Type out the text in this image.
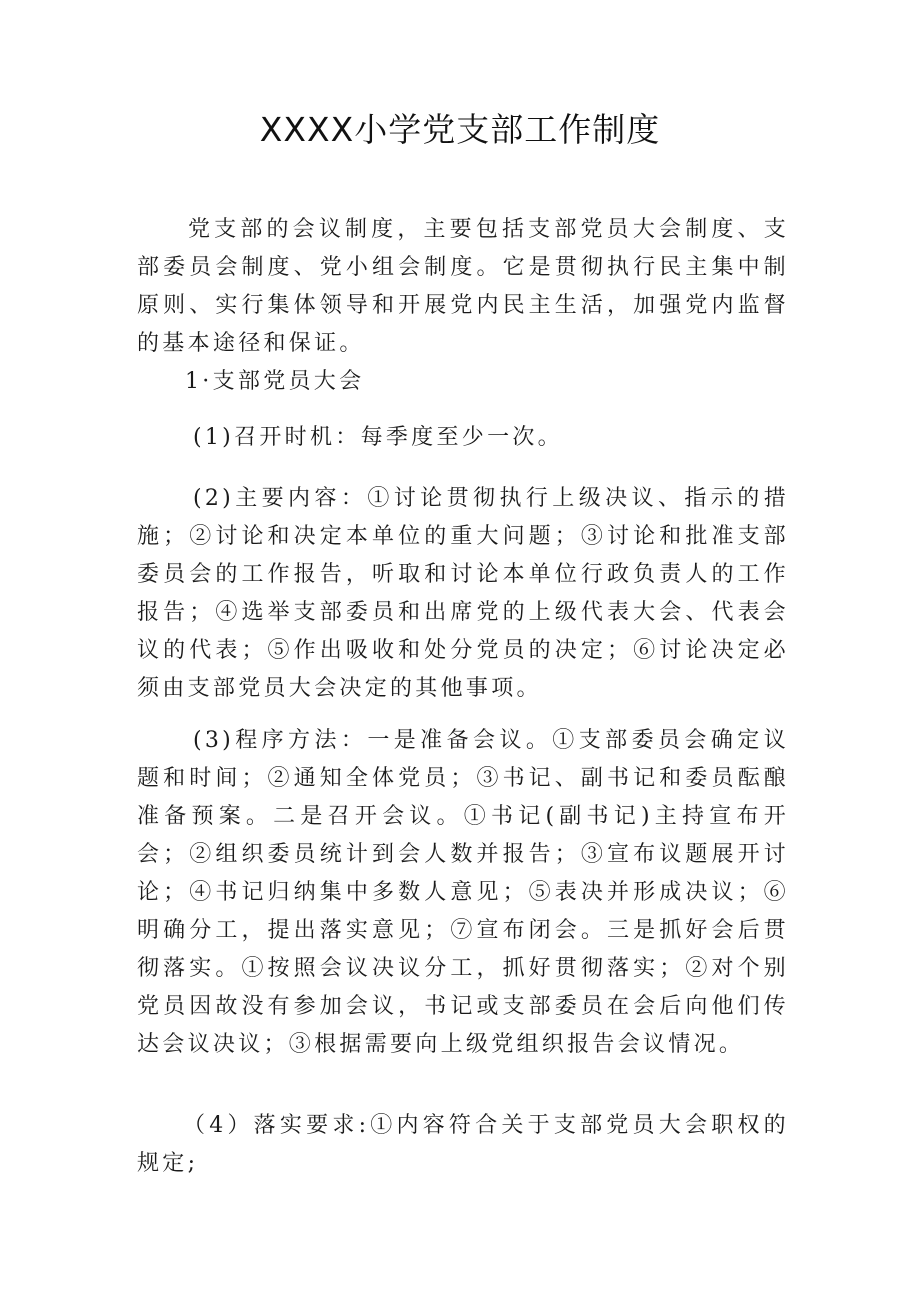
XXXX小学党支部工作制度

党支部的会议制度，主要包括支部党员大会制度、支部委员会制度、党小组会制度。它是贯彻执行民主集中制原则、实行集体领导和开展党内民主生活，加强党内监督的基本途径和保证。

1·支部党员大会

(1)召开时机：每季度至少一次。

(2)主要内容：①讨论贯彻执行上级决议、指示的措施；②讨论和决定本单位的重大问题；③讨论和批准支部委员会的工作报告，听取和讨论本单位行政负责人的工作报告；④选举支部委员和出席党的上级代表大会、代表会议的代表；⑤作出吸收和处分党员的决定；⑥讨论决定必须由支部党员大会决定的其他事项。

(3)程序方法：一是准备会议。①支部委员会确定议题和时间；②通知全体党员；③书记、副书记和委员酝酿准备预案。二是召开会议。①书记(副书记)主持宣布开会；②组织委员统计到会人数并报告；③宣布议题展开讨论；④书记归纳集中多数人意见；⑤表决并形成决议；⑥明确分工，提出落实意见；⑦宣布闭会。三是抓好会后贯彻落实。①按照会议决议分工，抓好贯彻落实；②对个别党员因故没有参加会议，书记或支部委员在会后向他们传达会议决议；③根据需要向上级党组织报告会议情况。

（4）落实要求:①内容符合关于支部党员大会职权的规定;
